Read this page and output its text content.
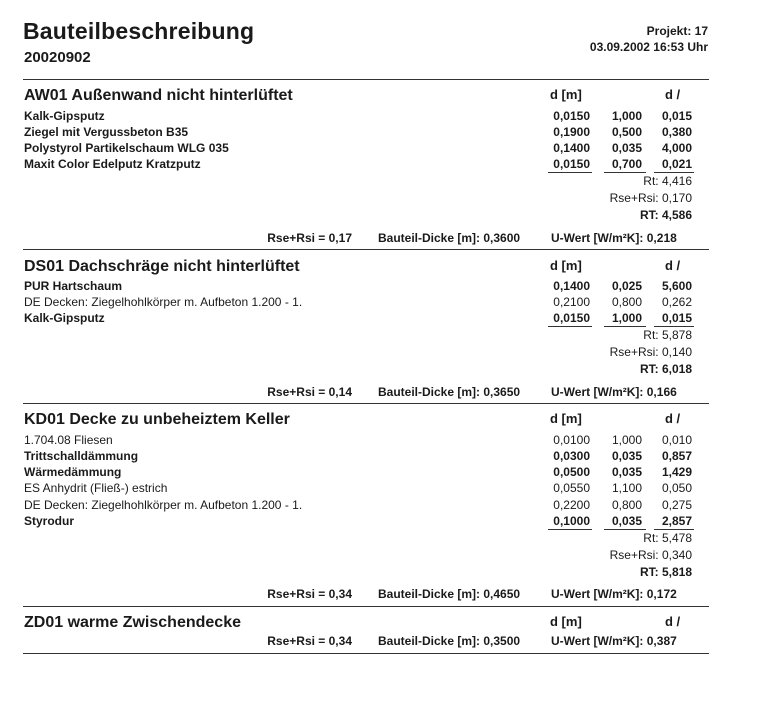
Bauteilbeschreibung
20020902
Projekt: 17
03.09.2002 16:53 Uhr
AW01 Außenwand nicht hinterlüftet	d [m]	d /
Kalk-Gipsputz	0,0150 1,000 0,015
Ziegel mit Vergussbeton B35	0,1900 0,500 0,380
Polystyrol Partikelschaum WLG 035	0,1400 0,035 4,000
Maxit Color Edelputz Kratzputz	0,0150 0,700 0,021
Rt: 4,416
Rse+Rsi: 0,170
RT: 4,586
Rse+Rsi = 0,17 Bauteil-Dicke [m]: 0,3600	U-Wert [W/m²K]: 0,218
DS01 Dachschräge nicht hinterlüftet	d [m]	d /
PUR Hartschaum	0,1400 0,025 5,600
DE Decken: Ziegelhohlkörper m. Aufbeton 1.200 - 1.	0,2100 0,800 0,262
Kalk-Gipsputz	0,0150 1,000 0,015
Rt: 5,878
Rse+Rsi: 0,140
RT: 6,018
Rse+Rsi = 0,14 Bauteil-Dicke [m]: 0,3650	U-Wert [W/m²K]: 0,166
KD01 Decke zu unbeheiztem Keller	d [m]	d /
1.704.08 Fliesen	0,0100 1,000 0,010
Trittschalldämmung	0,0300 0,035 0,857
Wärmedämmung	0,0500 0,035 1,429
ES Anhydrit (Fließ-) estrich	0,0550 1,100 0,050
DE Decken: Ziegelhohlkörper m. Aufbeton 1.200 - 1.	0,2200 0,800 0,275
Styrodur	0,1000 0,035 2,857
Rt: 5,478
Rse+Rsi: 0,340
RT: 5,818
Rse+Rsi = 0,34 Bauteil-Dicke [m]: 0,4650	U-Wert [W/m²K]: 0,172
ZD01 warme Zwischendecke	d [m]	d /
Rse+Rsi = 0,34 Bauteil-Dicke [m]: 0,3500	U-Wert [W/m²K]: 0,387
